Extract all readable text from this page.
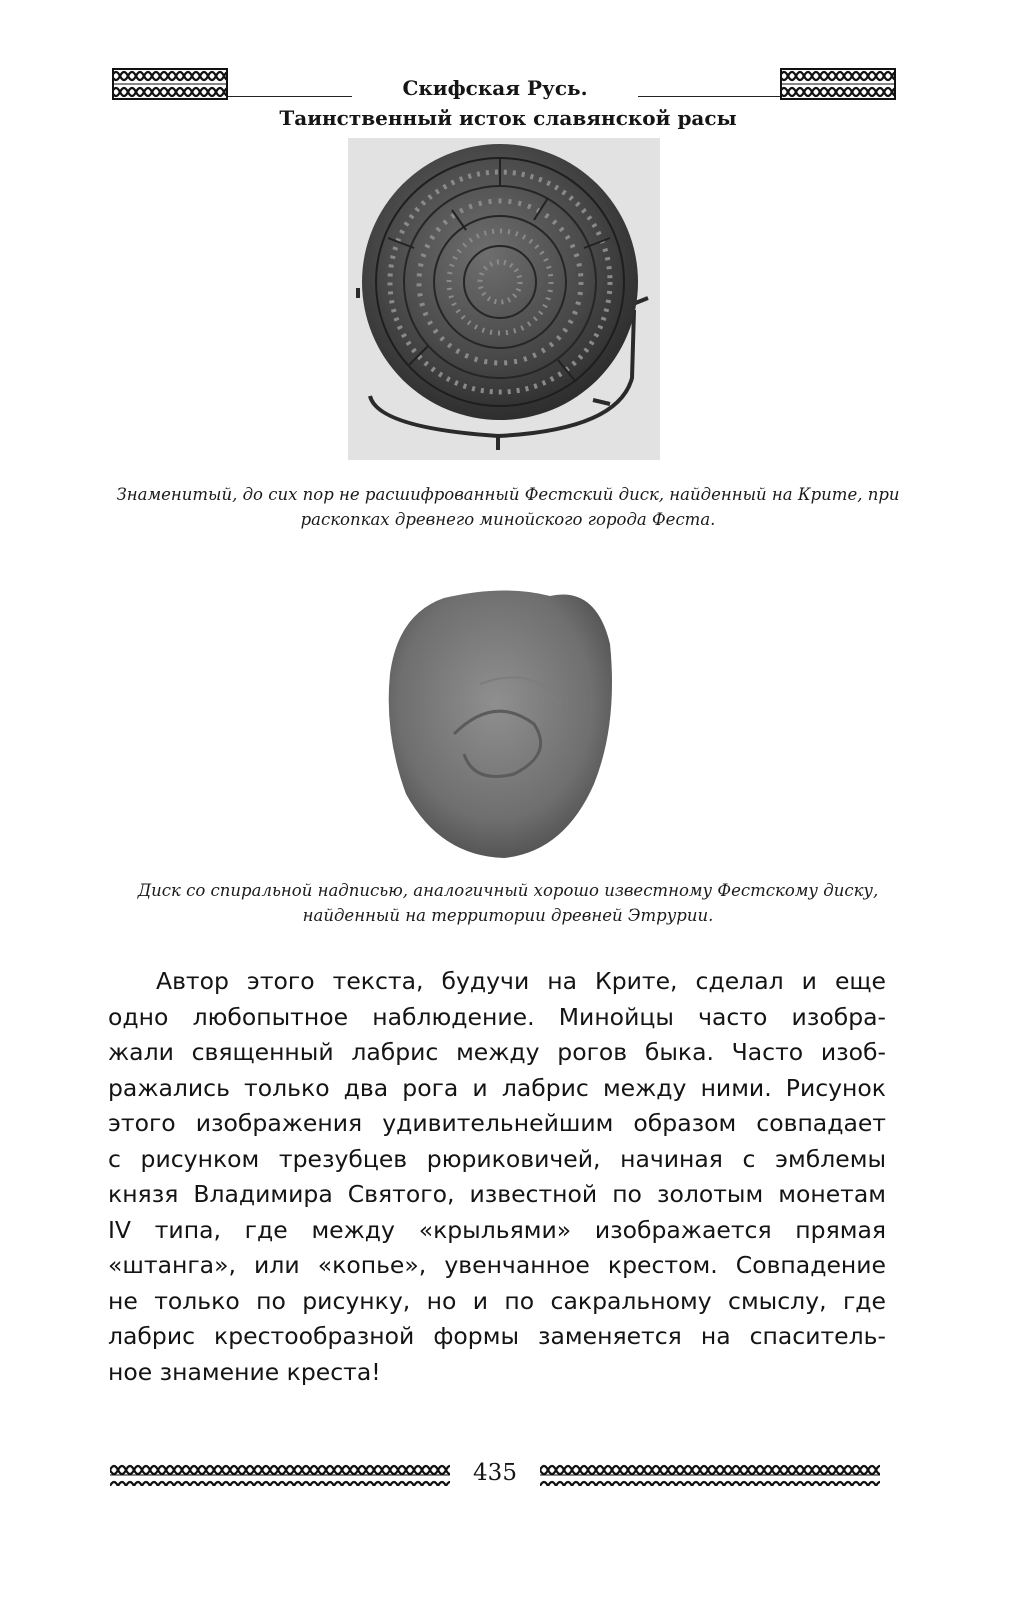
Скифская Русь.
Таинственный исток славянской расы
Знаменитый, до сих пор не расшифрованный Фестский диск, найденный на Крите, при раскопках древнего минойского города Феста.
Диск со спиральной надписью, аналогичный хорошо известному Фестскому диску, найденный на территории древней Этрурии.
Автор этого текста, будучи на Крите, сделал и еще
одно любопытное наблюдение. Минойцы часто изобра-
жали священный лабрис между рогов быка. Часто изоб-
ражались только два рога и лабрис между ними. Рисунок
этого изображения удивительнейшим образом совпадает
с рисунком трезубцев рюриковичей, начиная с эмблемы
князя Владимира Святого, известной по золотым монетам
IV типа, где между «крыльями» изображается прямая
«штанга», или «копье», увенчанное крестом. Совпадение
не только по рисунку, но и по сакральному смыслу, где
лабрис крестообразной формы заменяется на спаситель-
ное знамение креста!
435
